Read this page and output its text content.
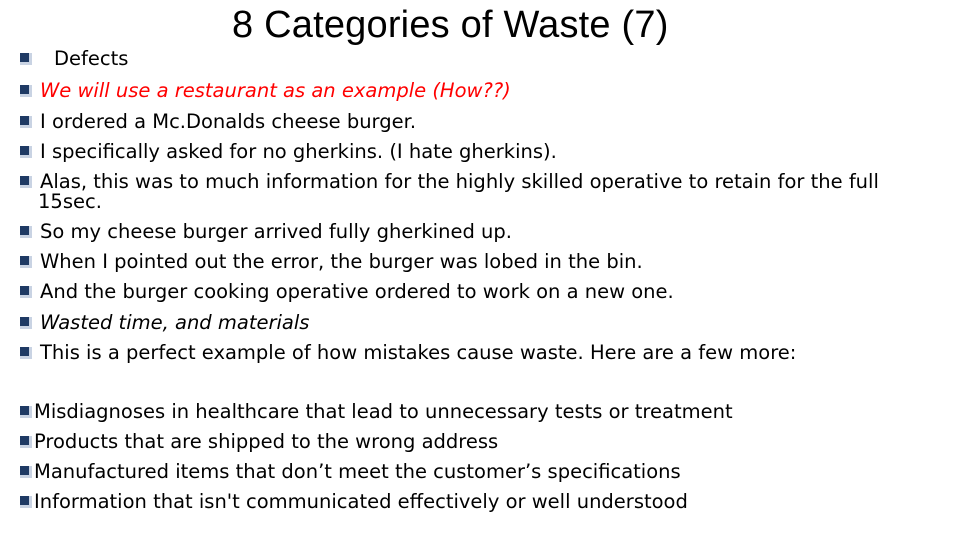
8 Categories of Waste (7)
Defects
We will use a restaurant as an example (How??)
I ordered a Mc.Donalds cheese burger.
I specifically asked for no gherkins. (I hate gherkins).
Alas, this was to much information for the highly skilled operative to retain for the full
15sec.
So my cheese burger arrived fully gherkined up.
When I pointed out the error, the burger was lobed in the bin.
And the burger cooking operative ordered to work on a new one.
Wasted time, and materials
This is a perfect example of how mistakes cause waste. Here are a few more:
Misdiagnoses in healthcare that lead to unnecessary tests or treatment
Products that are shipped to the wrong address
Manufactured items that don’t meet the customer’s specifications
Information that isn't communicated effectively or well understood
